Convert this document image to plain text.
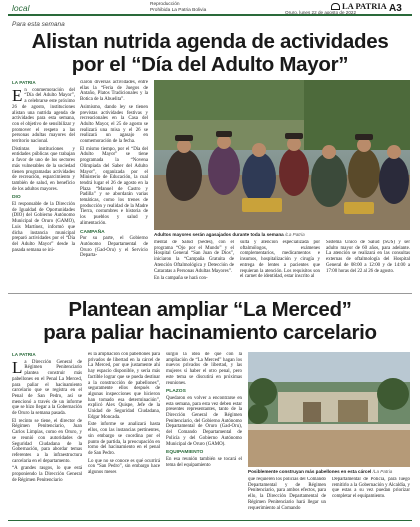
local	Reproducción
Prohibida La Patria Bolivia	Oruro, lunes 22 de agosto de 2022
LA PATRIA A3
Para esta semana
Alistan nutrida agenda de actividades
por el “Día del Adulto Mayor”
LA PATRIA
E n conmemoración del “Día del Adulto Mayor”, a celebrarse este próximo 26 de agosto, instituciones alistan una nutrida agenda de actividades para esta semana, con el objetivo de sensibilizar y promover el respeto a las personas adultas mayores del territorio nacional.
Distintas instituciones y entidades públicas que trabajan a favor de uno de los sectores más vulnerables de la sociedad tienen programadas actividades de recreación, esparcimiento y también de salud, en beneficio de los adultos mayores.
DIO
El responsable de la Dirección de Igualdad de Oportunidades (DIO) del Gobierno Autónomo Municipal de Oruro (GAMO), Luis Martínez, informó que dicha instancia municipal preparó actividades por el “Día del Adulto Mayor” desde la pasada semana se ini-
ciaron diversas actividades, entre ellas la “Feria de Juegos de Antaño, Platos Tradicionales y la Botica de la Abuelita”.
Asimismo, dando ley se tienen previstas actividades festivas y recreacionales en la Casa del Adulto Mayor, el 25 de agosto se realizará una misa y el 26 se realizará un agasajo en conmemoración de la fecha.
El mismo tiempo, por el “Día del Adulto Mayor” se tiene programada la “Novena Olimpiada del Saber del Adulto Mayor”, organizada por el Ministerio de Educación, la cual tendrá lugar el 26 de agosto en la Plaza “Manuel de Castro y Padilla” y se abordarán varias temáticas, como los trenes de producción y realidad de la Madre Tierra, costumbres e historia de los pueblos y salud y alimentación.
CAMPAÑA
Por su parte, el Gobierno Autónomo Departamental de Oruro (Gad-Oru) y el Servicio Departa-
Adultos mayores serán agasajados durante toda la semana /La Patria
mental de Salud (Sedes), con el programa “Ojo por el Mundo” y el Hospital General “San Juan de Dios”, iniciaron la “Campaña Gratuita de Atención Oftalmológica y Detección de Cataratas a Personas Adultas Mayores”.
En la campaña se hará con-
sulta y atención especializada por oftalmólogos, exámenes complementarios, medicamentos e insumos, hospitalización y cirugía y entrega de lentes a pacientes que requieran la atención. Los requisitos son el carnet de identidad, estar inscrito al
Sistema Único de Salud (SUS) y ser adulto mayor de 60 años, para adelante. La atención se realizará en las consultas externas de oftalmología del Hospital General de 08:00 a 12:00 y de 14:00 a 17:00 horas del 22 al 26 de agosto.
Plantean ampliar “La Merced”
para paliar hacinamiento carcelario
LA PATRIA
L a Dirección General de Régimen Penitenciario plantea construir más pabellones en el Penal La Merced, para paliar el hacinamiento carcelario que se registra en el Penal de San Pedro, así se mencionó a través de un informe que se hizo llegar a la Gobernación de Oruro la semana pasada.
El recinto se tiene, el director de Régimen Penitenciario, Juan Carlos Limpias, como en Oruro, y se reunió con autoridades de Seguridad Ciudadana de la Gobernación, para abordar temas referentes a la infraestructura carcelaria en el departamento.
“A grandes rasgos, lo que está proponiendo la Dirección General de Régimen Penitenciario
es la ampliación con pabellones para privados de libertad en la cárcel de La Merced, por que justamente ahí hay espacio disponible, y sería más factible lograr que se pueda destinar a la construcción de pabellones”, seguramente ellos después de algunas inspecciones que hicieron han tomado esa determinación”, explicó Alex Quispe, Jefe de la Unidad de Seguridad Ciudadana, Edgar Moncada.
Este informe se analizará hasta ellos, con las instancias pertinentes, sin embargo se coordina por el punto de partida, la preocupación en torno del hacinamiento en el penal de San Pedro.
Lo que no se conoce es qué ocurrirá con “San Pedro”, sin embargo hace algunos meses
surgió la idea de que con la ampliación de “La Merced” hagan los nuevos privados de libertad, y las mujeres sí haber el otro penal, pero este tema se discutirá en próximas reuniones.
PLAZOS
Quedaron en volver a encontrarse en esta semana, para esta vez deben estar presentes representantes, tanto de la Dirección General de Régimen Penitenciario, del Gobierno Autónomo Departamental de Oruro (Gad-Oru), del Comando Departamental de Policía y del Gobierno Autónomo Municipal de Oruro (GAMO).
EQUIPAMIENTO
En esa reunión también se tocará el tema del equipamiento
Posiblemente construyan más pabellones en esta cárcel /La Patria
que requieren los policías del Comando Departamental y de Régimen Penitenciario, para ambos efectos, para ello, la Dirección Departamental de Régimen Penitenciario hará llegar un requerimiento al Comando
Departamental de Policía, para luego remitirlo a la Gobernación y Alcaldía, y que estas a su vez puedan priorizar completar el equipamiento.
